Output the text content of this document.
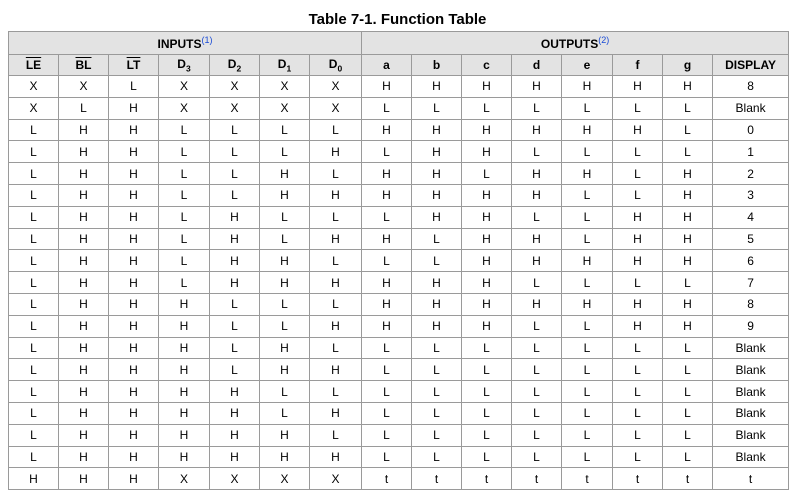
Table 7-1. Function Table
INPUTS$^{(1)}$							OUTPUTS$^{(2)}$
$\overline{LE}$	$\overline{BL}$	$\overline{LT}$	$D_3$	$D_2$	$D_1$	$D_0$	a	b	c	d	e	f	g	DISPLAY
X	X	L	X	X	X	X	H	H	H	H	H	H	H	8
X	L	H	X	X	X	X	L	L	L	L	L	L	L	Blank
L	H	H	L	L	L	L	H	H	H	H	H	H	L	0
L	H	H	L	L	L	H	L	H	H	L	L	L	L	1
L	H	H	L	L	H	L	H	H	L	H	H	L	H	2
L	H	H	L	L	H	H	H	H	H	H	L	L	H	3
L	H	H	L	H	L	L	L	H	H	L	L	H	H	4
L	H	H	L	H	L	H	H	L	H	H	L	H	H	5
L	H	H	L	H	H	L	L	L	H	H	H	H	H	6
L	H	H	L	H	H	H	H	H	H	L	L	L	L	7
L	H	H	H	L	L	L	H	H	H	H	H	H	H	8
L	H	H	H	L	L	H	H	H	H	L	L	H	H	9
L	H	H	H	L	H	L	L	L	L	L	L	L	L	Blank
L	H	H	H	L	H	H	L	L	L	L	L	L	L	Blank
L	H	H	H	H	L	L	L	L	L	L	L	L	L	Blank
L	H	H	H	H	L	H	L	L	L	L	L	L	L	Blank
L	H	H	H	H	H	L	L	L	L	L	L	L	L	Blank
L	H	H	H	H	H	H	L	L	L	L	L	L	L	Blank
H	H	H	X	X	X	X	t	t	t	t	t	t	t	t
